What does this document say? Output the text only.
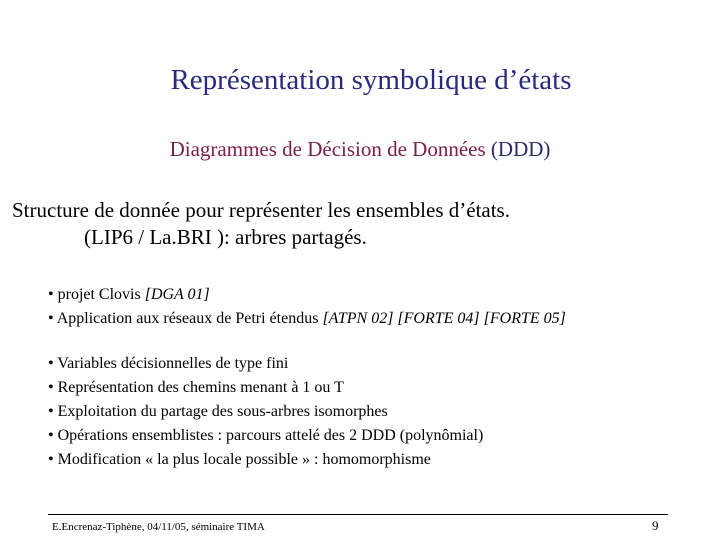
Représentation symbolique d’états
Diagrammes de Décision de Données (DDD)
Structure de donnée pour représenter les ensembles d’états.
(LIP6 / La.BRI ): arbres partagés.
• projet Clovis [DGA 01]
• Application aux réseaux de Petri étendus [ATPN 02] [FORTE 04] [FORTE 05]
• Variables décisionnelles de type fini
• Représentation des chemins menant à 1 ou T
• Exploitation du partage des sous-arbres isomorphes
• Opérations ensemblistes : parcours attelé des 2 DDD (polynômial)
• Modification « la plus locale possible » : homomorphisme
E.Encrenaz-Tiphène, 04/11/05, séminaire TIMA	9
